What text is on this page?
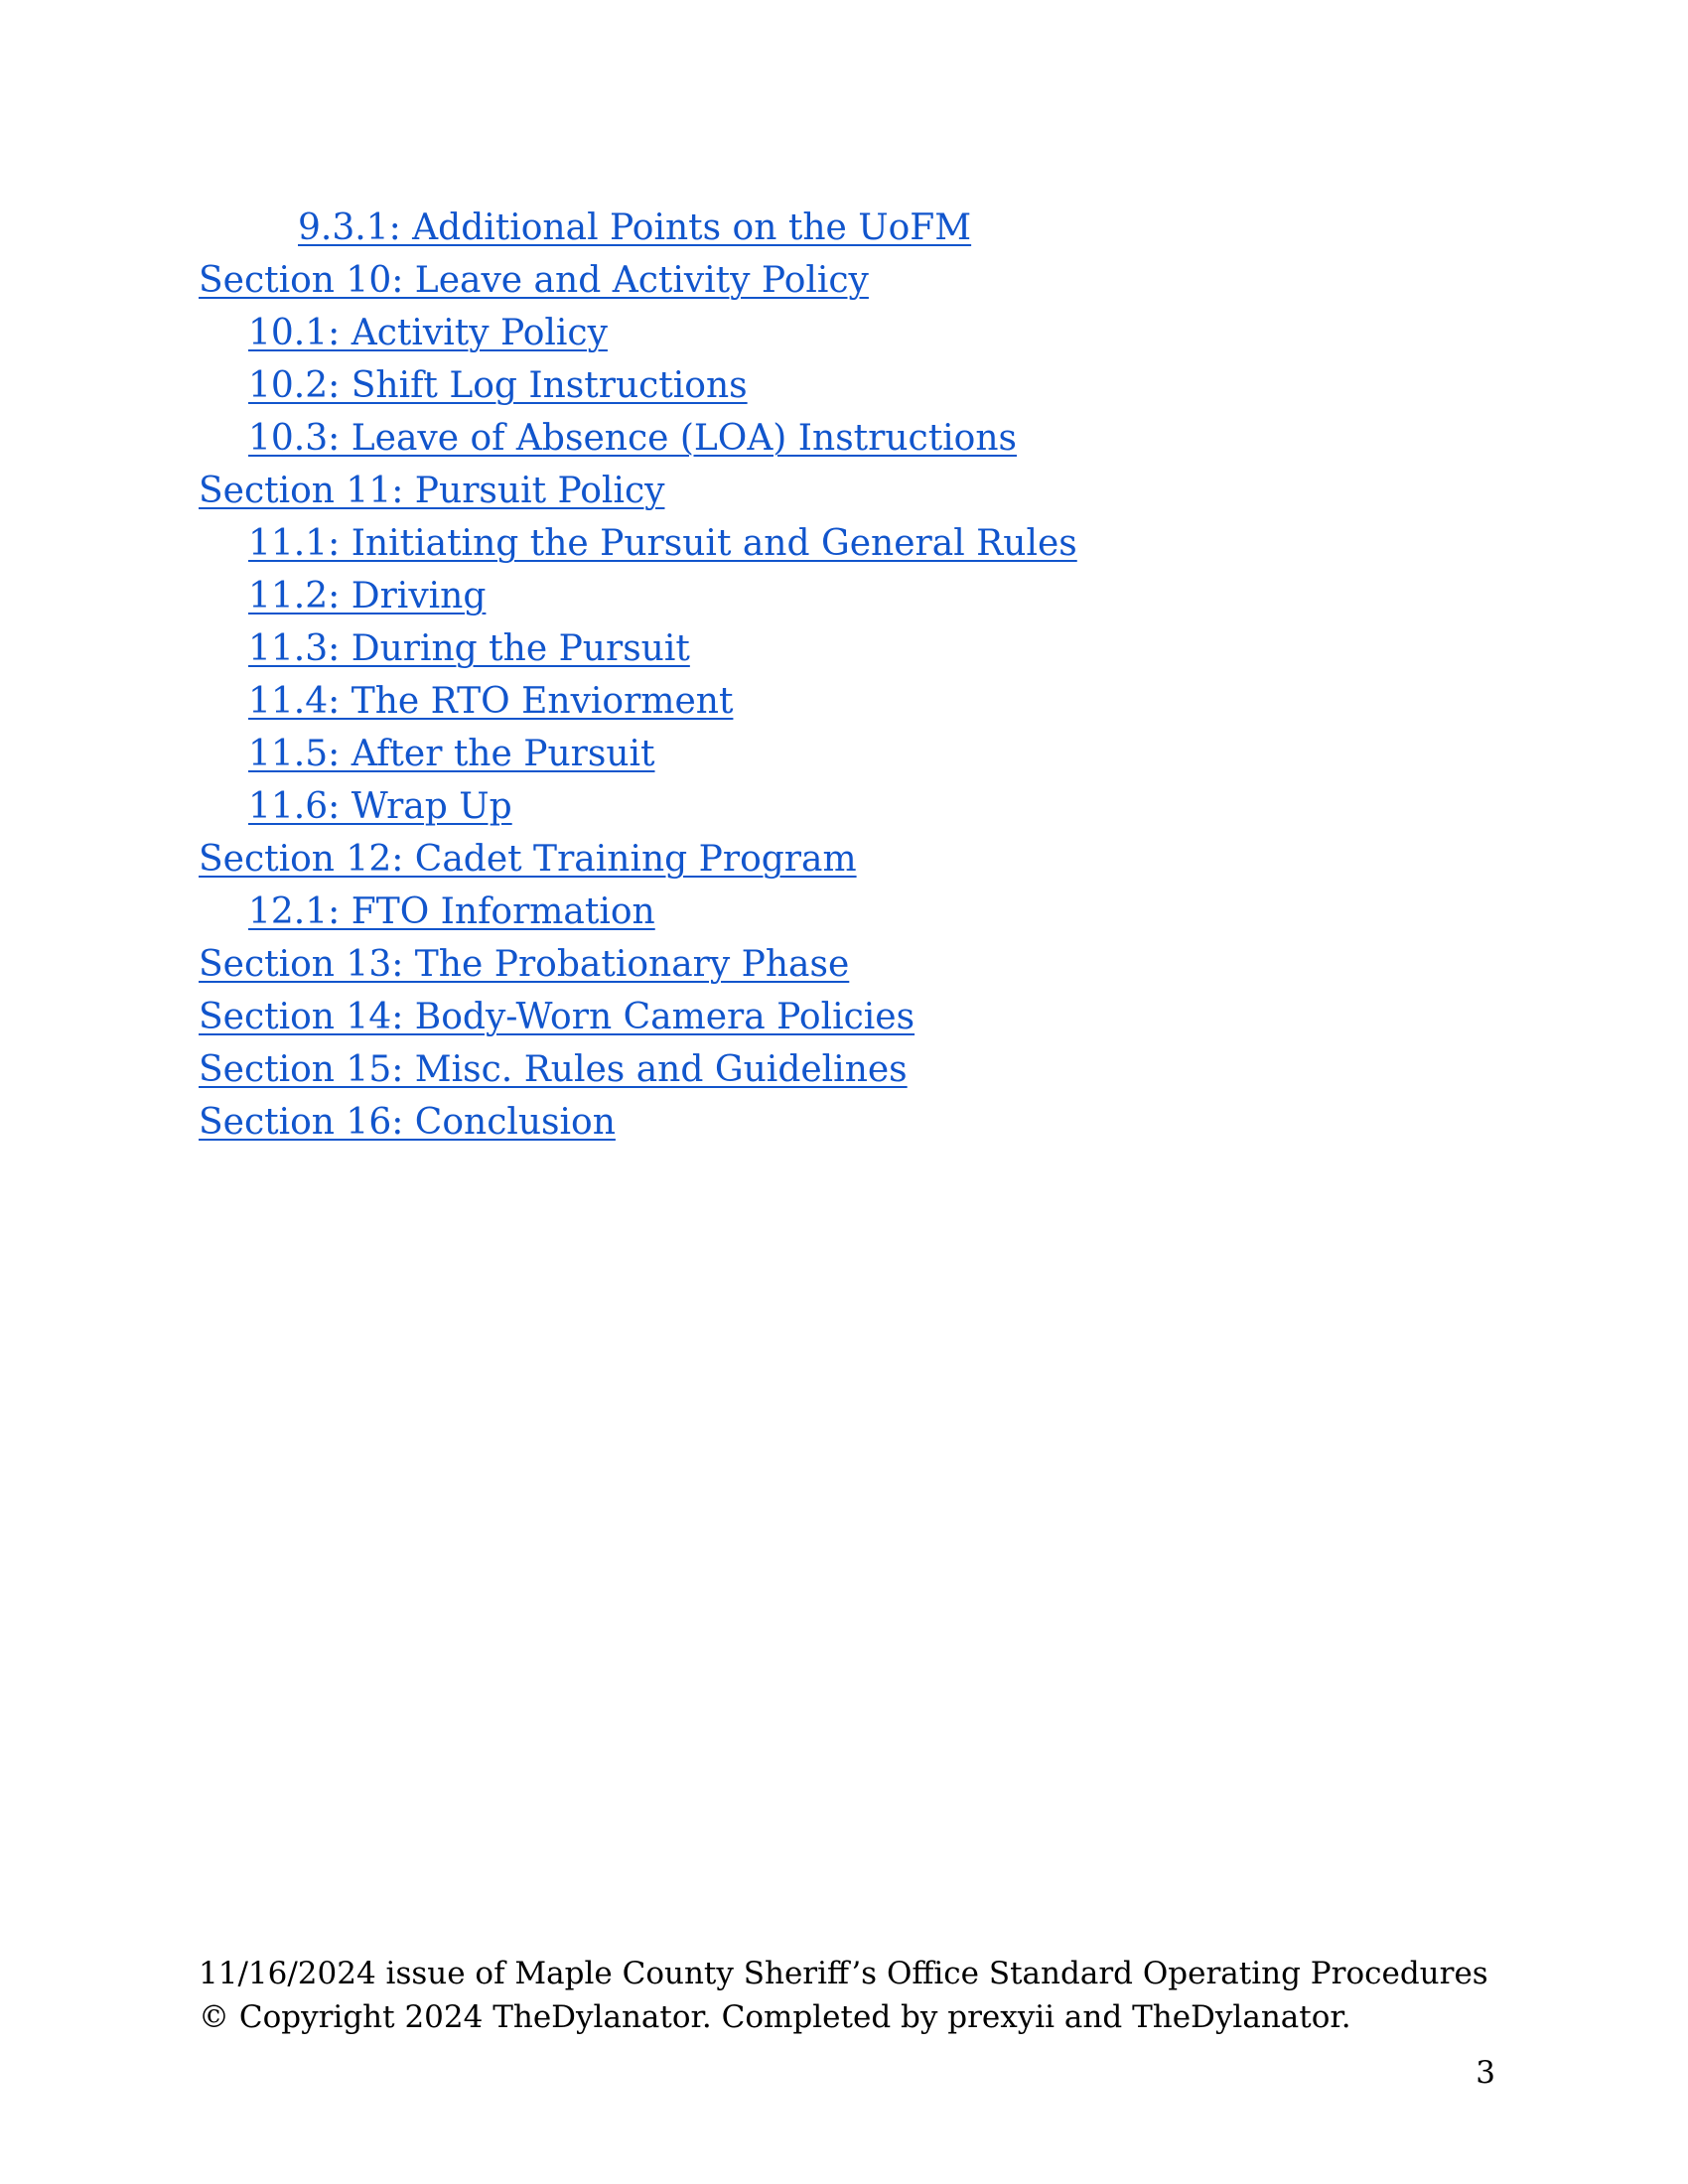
9.3.1: Additional Points on the UoFM
Section 10: Leave and Activity Policy
10.1: Activity Policy
10.2: Shift Log Instructions
10.3: Leave of Absence (LOA) Instructions
Section 11: Pursuit Policy
11.1: Initiating the Pursuit and General Rules
11.2: Driving
11.3: During the Pursuit
11.4: The RTO Enviorment
11.5: After the Pursuit
11.6: Wrap Up
Section 12: Cadet Training Program
12.1: FTO Information
Section 13: The Probationary Phase
Section 14: Body-Worn Camera Policies
Section 15: Misc. Rules and Guidelines
Section 16: Conclusion
11/16/2024 issue of Maple County Sheriff’s Office Standard Operating Procedures
© Copyright 2024 TheDylanator. Completed by prexyii and TheDylanator.
3
